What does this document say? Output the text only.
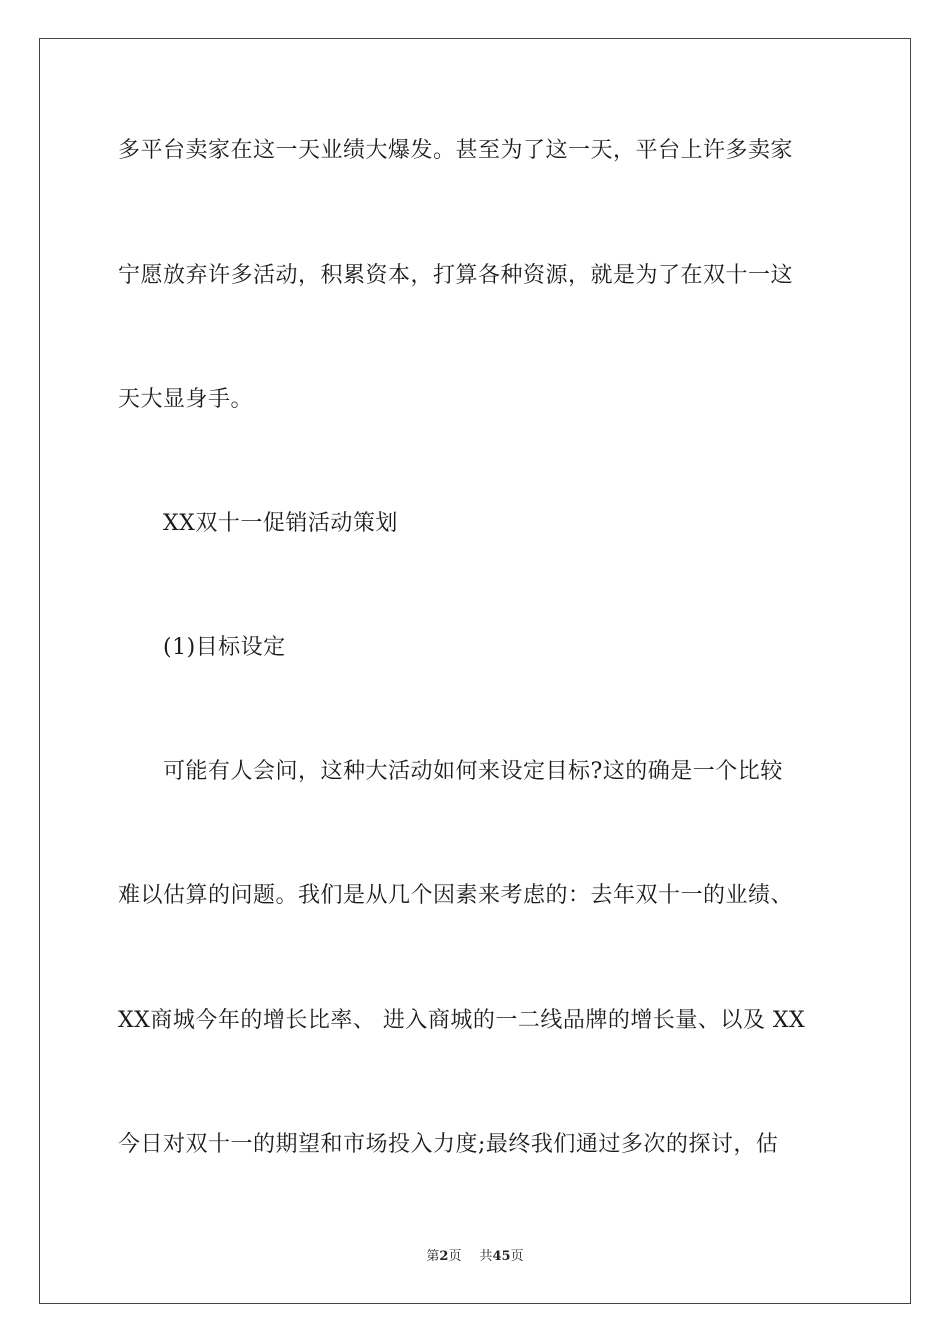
多平台卖家在这一天业绩大爆发。甚至为了这一天，平台上许多卖家
宁愿放弃许多活动，积累资本，打算各种资源，就是为了在双十一这
天大显身手。
XX双十一促销活动策划
(1)目标设定
可能有人会问，这种大活动如何来设定目标?这的确是一个比较
难以估算的问题。我们是从几个因素来考虑的：去年双十一的业绩、
XX商城今年的增长比率、 进入商城的一二线品牌的增长量、以及 XX
今日对双十一的期望和市场投入力度;最终我们通过多次的探讨，估
第2页 共45页
